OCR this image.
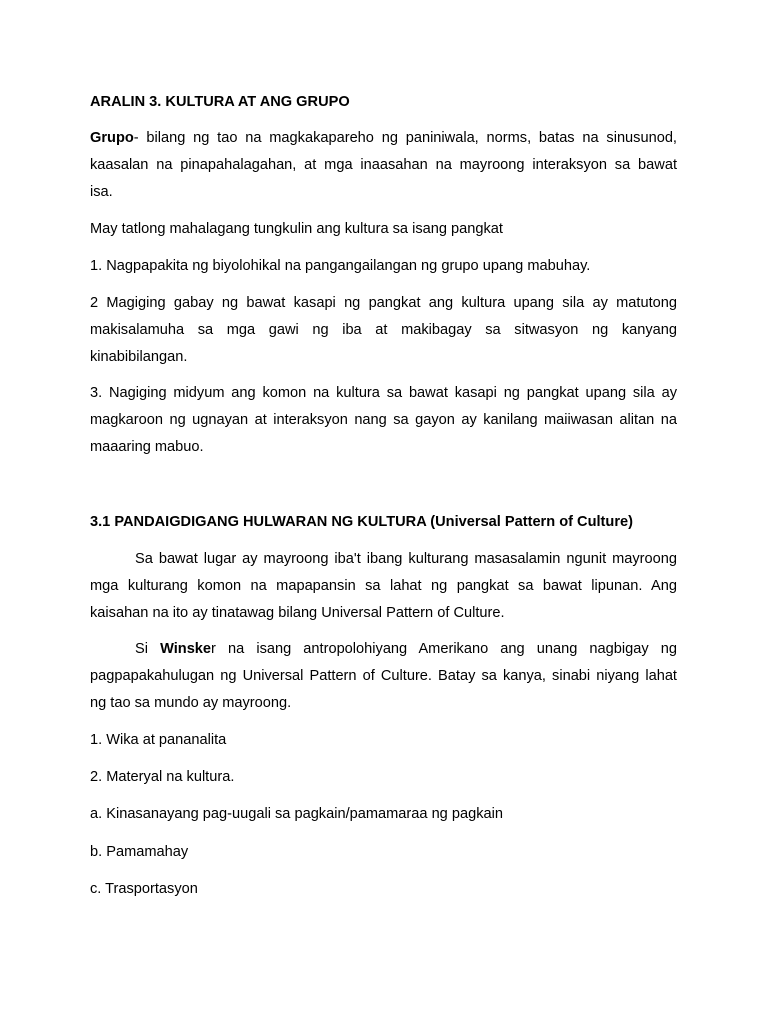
ARALIN 3. KULTURA AT ANG GRUPO
Grupo- bilang ng tao na magkakapareho ng paniniwala, norms, batas na sinusunod,
kaasalan na pinapahalagahan, at mga inaasahan na mayroong interaksyon sa bawat
isa.
May tatlong mahalagang tungkulin ang kultura sa isang pangkat
1. Nagpapakita ng biyolohikal na pangangailangan ng grupo upang mabuhay.
2 Magiging gabay ng bawat kasapi ng pangkat ang kultura upang sila ay matutong
makisalamuha sa mga gawi ng iba at makibagay sa sitwasyon ng kanyang
kinabibilangan.
3. Nagiging midyum ang komon na kultura sa bawat kasapi ng pangkat upang sila ay
magkaroon ng ugnayan at interaksyon nang sa gayon ay kanilang maiiwasan alitan na
maaaring mabuo.
3.1 PANDAIGDIGANG HULWARAN NG KULTURA (Universal Pattern of Culture)
Sa bawat lugar ay mayroong iba't ibang kulturang masasalamin ngunit mayroong
mga kulturang komon na mapapansin sa lahat ng pangkat sa bawat lipunan. Ang
kaisahan na ito ay tinatawag bilang Universal Pattern of Culture.
Si Winsker na isang antropolohiyang Amerikano ang unang nagbigay ng
pagpapakahulugan ng Universal Pattern of Culture. Batay sa kanya, sinabi niyang lahat
ng tao sa mundo ay mayroong.
1. Wika at pananalita
2. Materyal na kultura.
a. Kinasanayang pag-uugali sa pagkain/pamamaraa ng pagkain
b. Pamamahay
c. Trasportasyon
